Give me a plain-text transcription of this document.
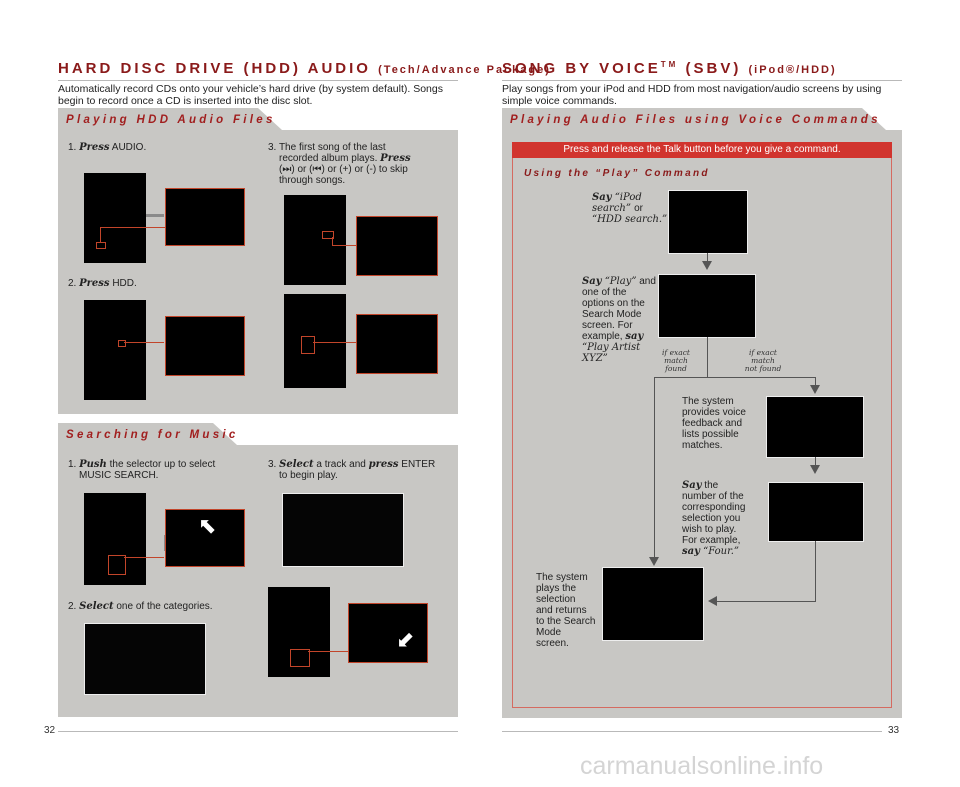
HARD DISC DRIVE (HDD) AUDIO (Tech/Advance Package)
Automatically record CDs onto your vehicle’s hard drive (by system default). Songs begin to record once a CD is inserted into the disc slot.
Playing HDD Audio Files
1. Press AUDIO.
2. Press HDD.
3. The first song of the last
recorded album plays. Press
(⏭) or (⏮) or (+) or (-) to skip
through songs.
Searching for Music
1. Push the selector up to select
MUSIC SEARCH.
⬉
2. Select one of the categories.
3. Select a track and press ENTER
to begin play.
⬋
32
SONG BY VOICE™ (SBV) (iPod®/HDD)
Play songs from your iPod and HDD from most navigation/audio screens by using simple voice commands.
Playing Audio Files using Voice Commands
Press and release the Talk button before you give a command.
Using the “Play” Command
Say “iPod
search” or
“HDD search.”
Say “Play” and
one of the
options on the
Search Mode
screen. For
example, say
“Play Artist
XYZ”
if exact
match
found
if exact
match
not found
The system
provides voice
feedback and
lists possible
matches.
Say the
number of the
corresponding
selection you
wish to play.
For example,
say “Four.”
The system
plays the
selection
and returns
to the Search
Mode
screen.
33
carmanualsonline.info
